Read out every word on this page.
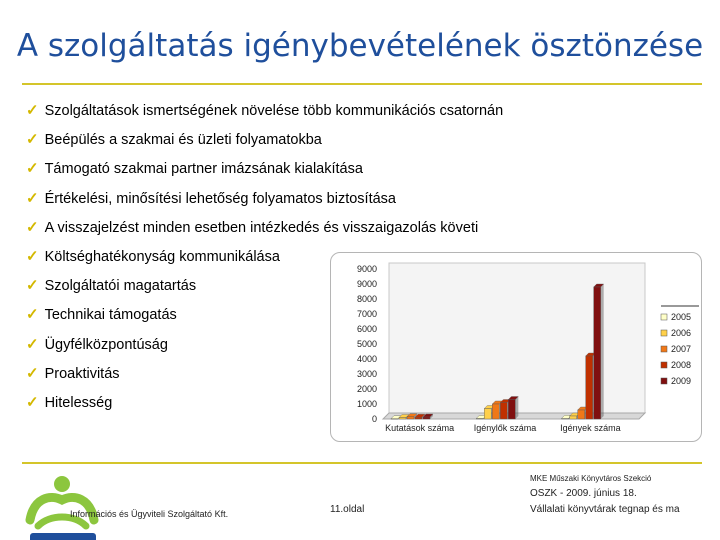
A szolgáltatás igénybevételének ösztönzése
✓ Szolgáltatások ismertségének növelése több kommunikációs csatornán
✓ Beépülés a szakmai és üzleti folyamatokba
✓ Támogató szakmai partner imázsának kialakítása
✓ Értékelési, minősítési lehetőség folyamatos biztosítása
✓ A visszajelzést minden esetben intézkedés és visszaigazolás követi
✓ Költséghatékonyság kommunikálása
✓ Szolgáltatói magatartás
✓ Technikai támogatás
✓ Ügyfélközpontúság
✓ Proaktivitás
✓ Hitelesség
0
1000
2000
3000
4000
5000
6000
7000
8000
9000
9000
Kutatások száma Igénylők száma	Igények száma
2005
2006
2007
2008
2009
Információs és Ügyviteli Szolgáltató Kft.	11.oldal
MKE Műszaki Könyvtáros Szekció
OSZK - 2009. június 18.
Vállalati könyvtárak tegnap és ma
